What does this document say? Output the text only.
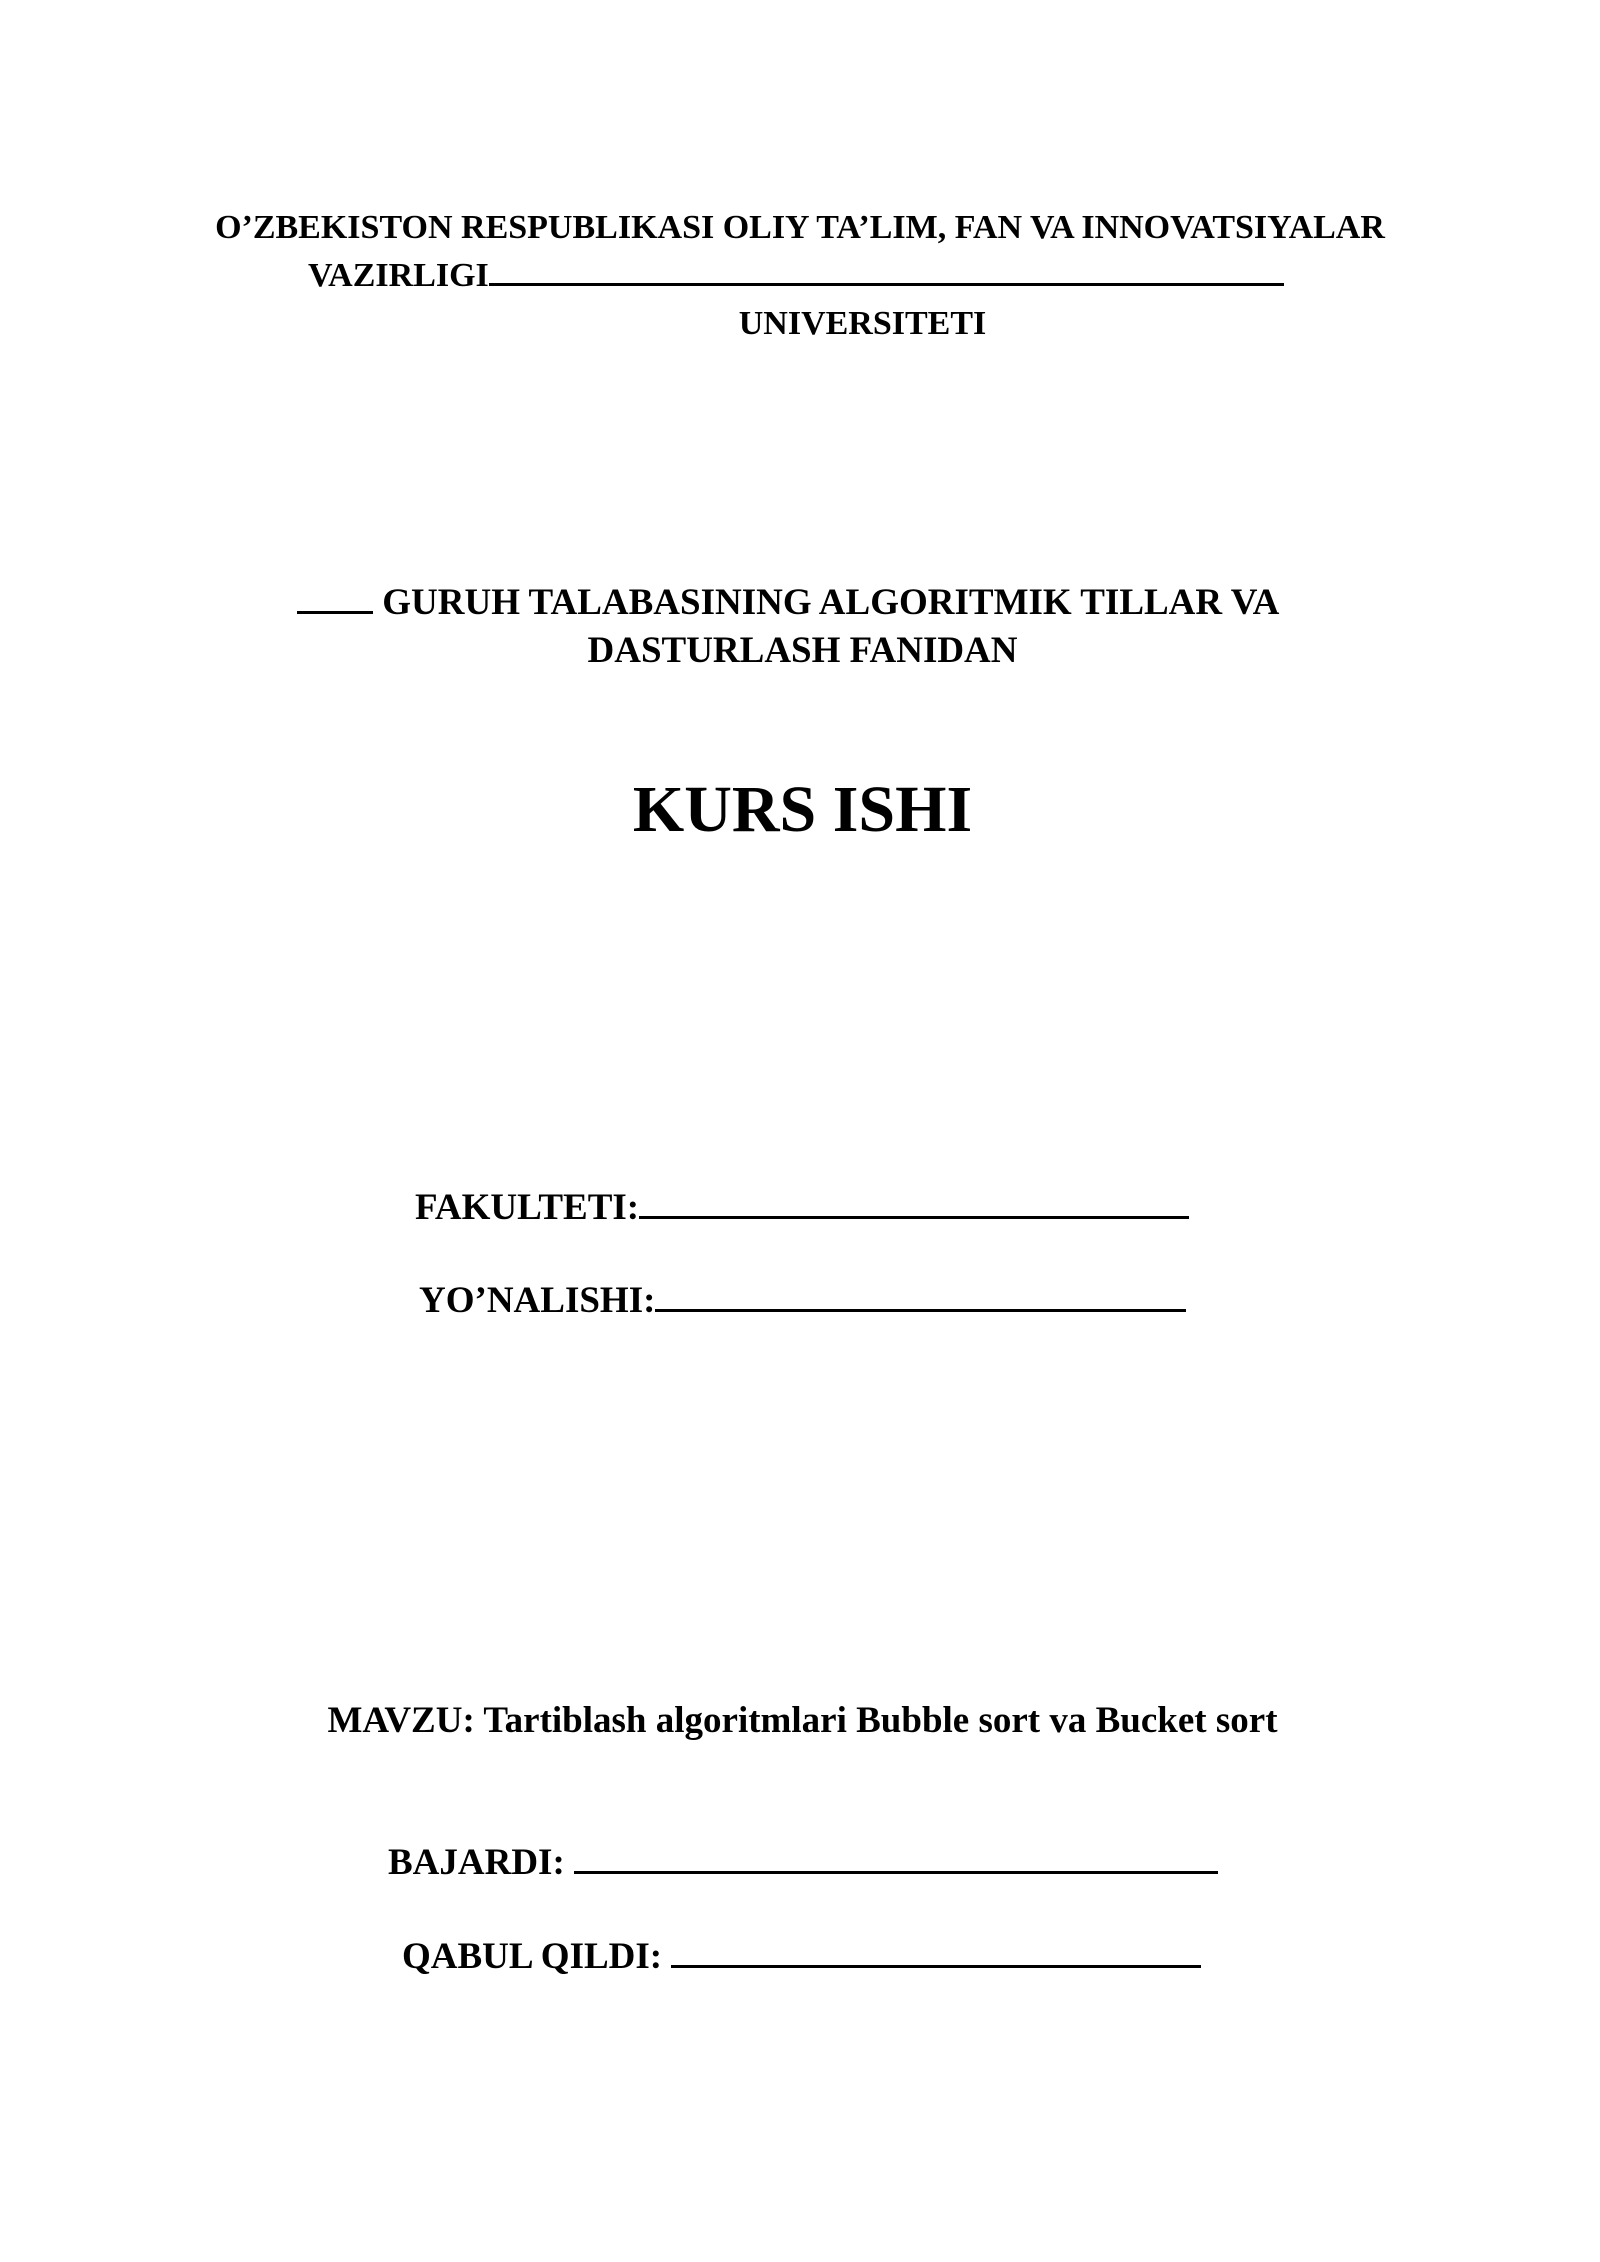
O’ZBEKISTON RESPUBLIKASI OLIY TA’LIM, FAN VA INNOVATSIYALAR
VAZIRLIGI
UNIVERSITETI
GURUH TALABASINING ALGORITMIK TILLAR VA
DASTURLASH FANIDAN
KURS ISHI
FAKULTETI:
YO’NALISHI:
MAVZU: Tartiblash algoritmlari Bubble sort va Bucket sort
BAJARDI:
QABUL QILDI:
